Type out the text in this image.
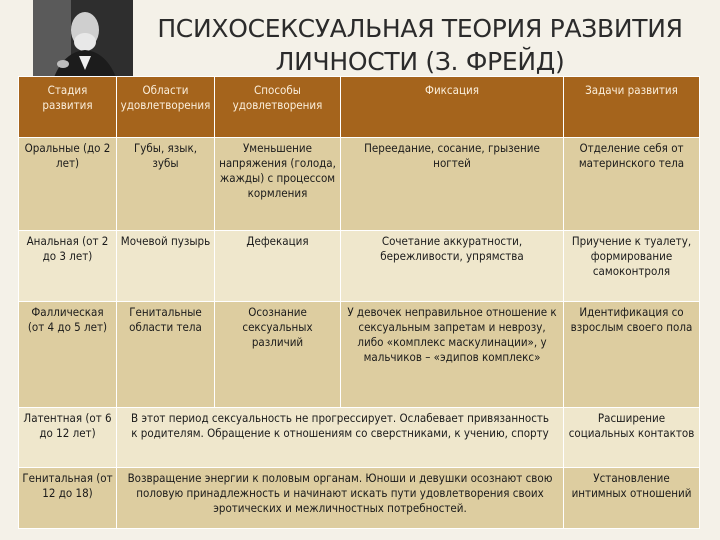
ПСИХОСЕКСУАЛЬНАЯ ТЕОРИЯ РАЗВИТИЯ
ЛИЧНОСТИ (З. ФРЕЙД)
Стадия развития	Области удовлетворения	Способы удовлетворения	Фиксация	Задачи развития
Оральные (до 2 лет)	Губы, язык, зубы	Уменьшение напряжения (голода, жажды) с процессом кормления	Переедание, сосание, грызение ногтей	Отделение себя от материнского тела
Анальная (от 2 до 3 лет)	Мочевой пузырь	Дефекация	Сочетание аккуратности, бережливости, упрямства	Приучение к туалету, формирование самоконтроля
Фаллическая (от 4 до 5 лет)	Генитальные области тела	Осознание сексуальных различий	У девочек неправильное отношение к сексуальным запретам и неврозу, либо «комплекс маскулинации», у мальчиков – «эдипов комплекс»	Идентификация со взрослым своего пола
Латентная (от 6 до 12 лет)	В этот период сексуальность не прогрессирует. Ослабевает привязанность к родителям. Обращение к отношениям со сверстниками, к учению, спорту			Расширение социальных контактов
Генитальная (от 12 до 18)	Возвращение энергии к половым органам. Юноши и девушки осознают свою половую принадлежность и начинают искать пути удовлетворения своих эротических и межличностных потребностей.			Установление интимных отношений
